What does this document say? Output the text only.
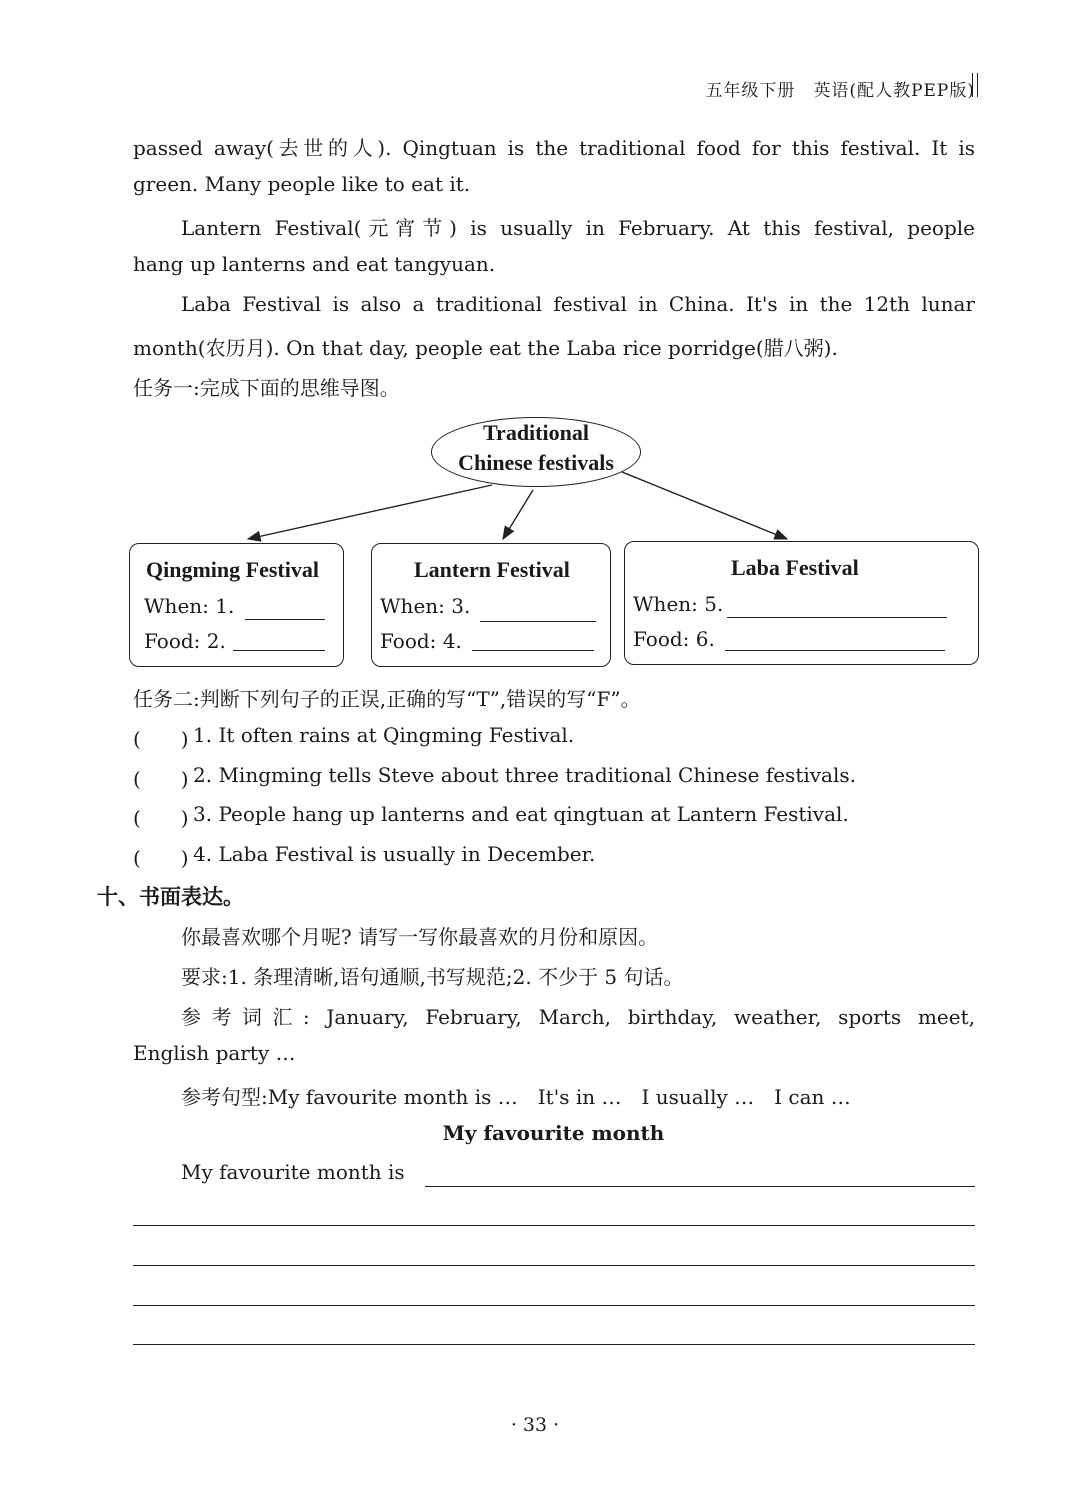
五年级下册　英语(配人教PEP版)
passed away(去世的人). Qingtuan is the traditional food for this festival. It is
green. Many people like to eat it.
Lantern Festival(元宵节) is usually in February. At this festival, people
hang up lanterns and eat tangyuan.
Laba Festival is also a traditional festival in China. It's in the 12th lunar
month(农历月). On that day, people eat the Laba rice porridge(腊八粥).
任务一:完成下面的思维导图。
Traditional
Chinese festivals
Qingming Festival
When: 1.
Food: 2.
Lantern Festival
When: 3.
Food: 4.
Laba Festival
When: 5.
Food: 6.
任务二:判断下列句子的正误,正确的写“T”,错误的写“F”。
(　　) 1. It often rains at Qingming Festival.
(　　) 2. Mingming tells Steve about three traditional Chinese festivals.
(　　) 3. People hang up lanterns and eat qingtuan at Lantern Festival.
(　　) 4. Laba Festival is usually in December.
十、书面表达。
你最喜欢哪个月呢? 请写一写你最喜欢的月份和原因。
要求:1. 条理清晰,语句通顺,书写规范;2. 不少于 5 句话。
参考词汇: January, February, March, birthday, weather, sports meet,
English party …
参考句型:My favourite month is …　It's in …　I usually …　I can …
My favourite month
My favourite month is
· 33 ·
